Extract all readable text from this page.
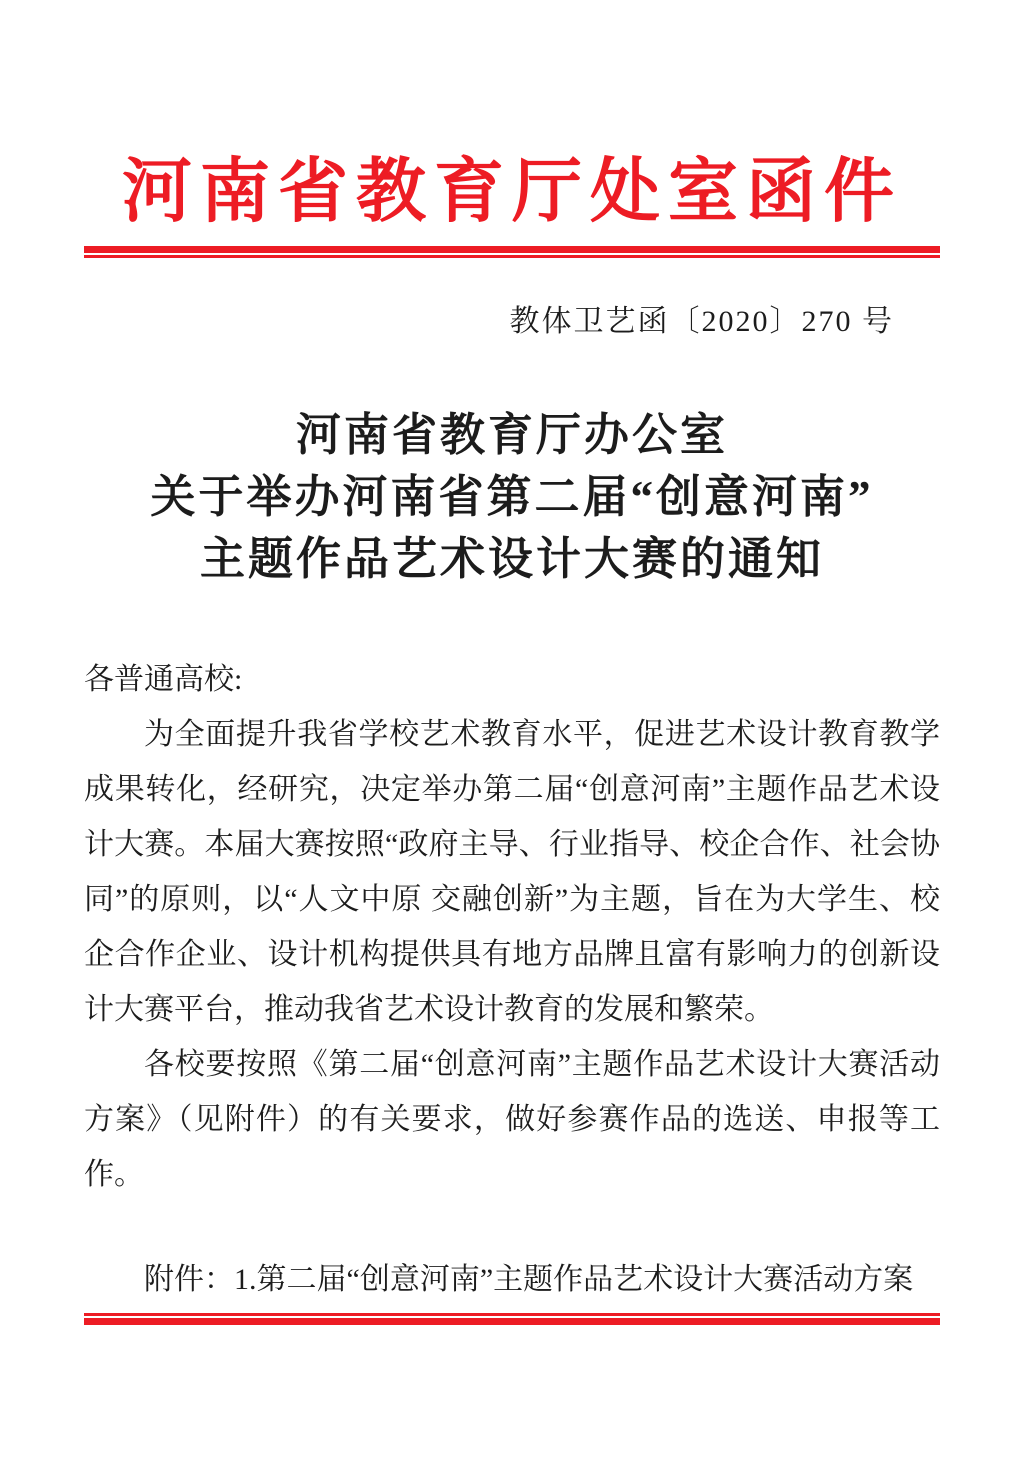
河南省教育厅处室函件
教体卫艺函〔2020〕270 号
河南省教育厅办公室
关于举办河南省第二届“创意河南”
主题作品艺术设计大赛的通知
各普通高校:

为全面提升我省学校艺术教育水平，促进艺术设计教育教学成果转化，经研究，决定举办第二届“创意河南”主题作品艺术设计大赛。本届大赛按照“政府主导、行业指导、校企合作、社会协同”的原则，以“人文中原 交融创新”为主题，旨在为大学生、校企合作企业、设计机构提供具有地方品牌且富有影响力的创新设计大赛平台，推动我省艺术设计教育的发展和繁荣。

各校要按照《第二届“创意河南”主题作品艺术设计大赛活动方案》（见附件）的有关要求，做好参赛作品的选送、申报等工作。

附件：1.第二届“创意河南”主题作品艺术设计大赛活动方案
